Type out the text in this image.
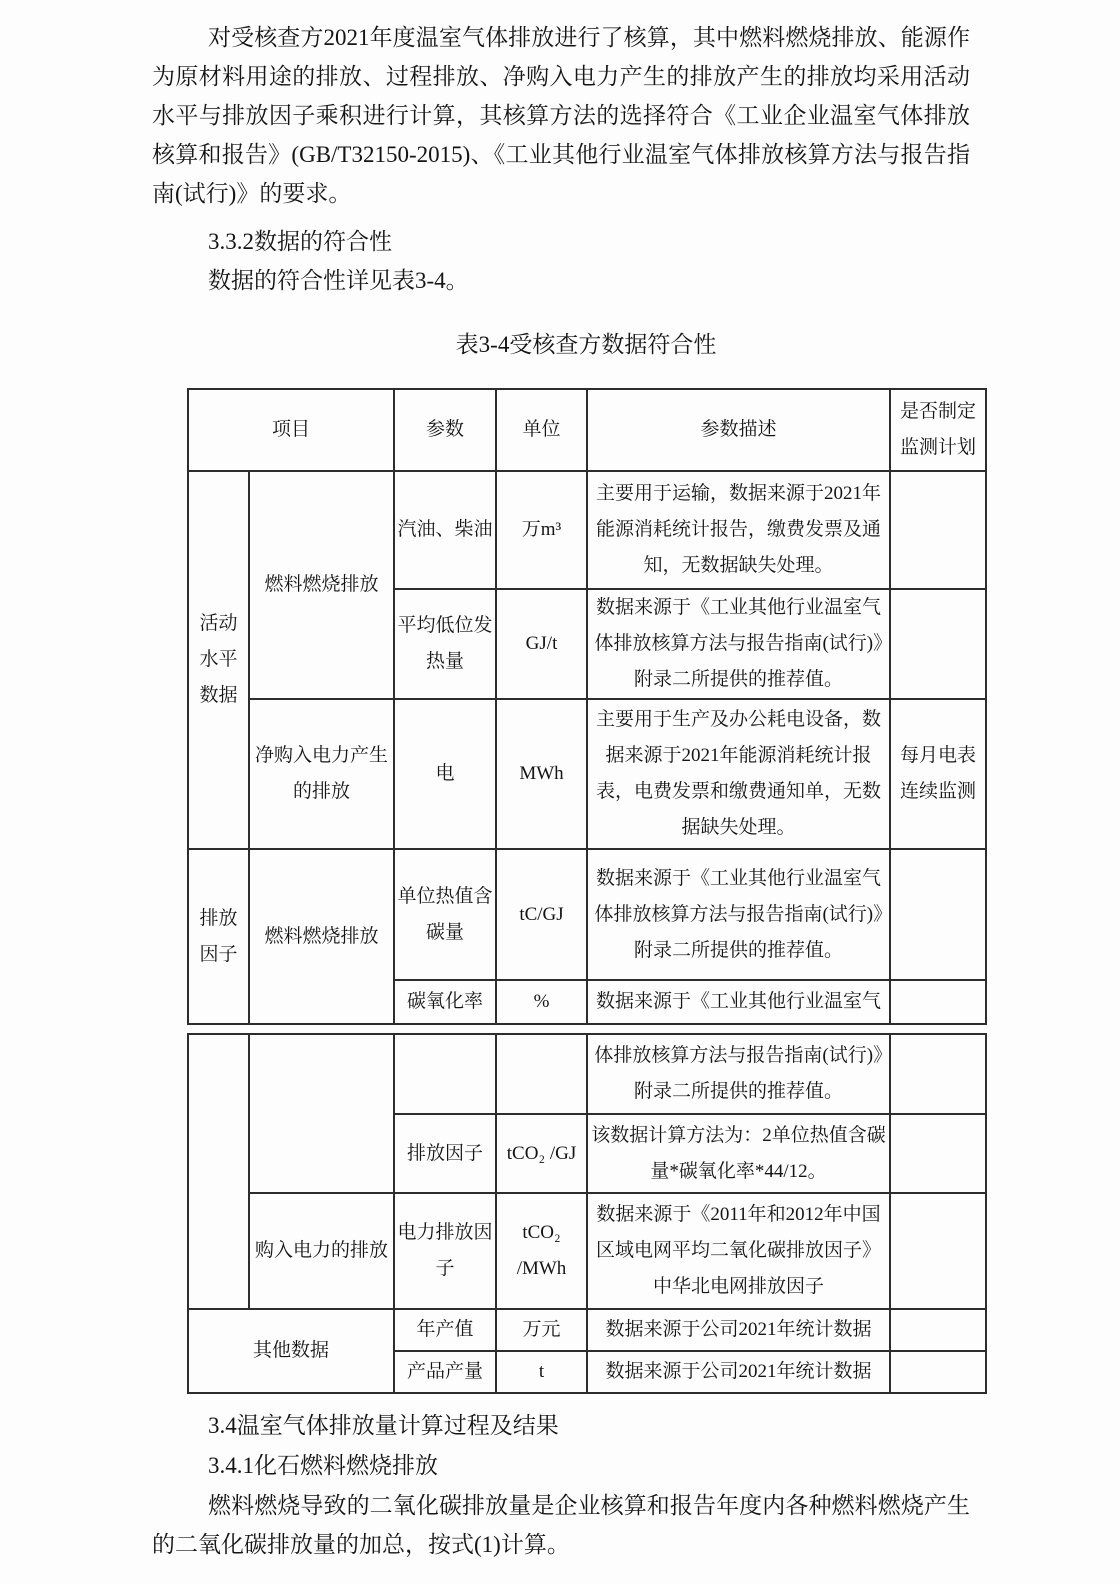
对受核查方2021年度温室气体排放进行了核算，其中燃料燃烧排放、能源作为原材料用途的排放、过程排放、净购入电力产生的排放产生的排放均采用活动水平与排放因子乘积进行计算，其核算方法的选择符合《工业企业温室气体排放核算和报告》(GB/T32150-2015)、《工业其他行业温室气体排放核算方法与报告指南(试行)》的要求。
3.3.2数据的符合性
数据的符合性详见表3-4。
表3-4受核查方数据符合性
项目		参数	单位	参数描述	是否制定监测计划
活动水平数据	燃料燃烧排放	汽油、柴油	万m³	主要用于运输，数据来源于2021年能源消耗统计报告，缴费发票及通知，无数据缺失处理。	
		平均低位发热量	GJ/t	数据来源于《工业其他行业温室气体排放核算方法与报告指南(试行)》附录二所提供的推荐值。	
	净购入电力产生的排放	电	MWh	主要用于生产及办公耗电设备，数据来源于2021年能源消耗统计报表，电费发票和缴费通知单，无数据缺失处理。	每月电表连续监测
排放因子	燃料燃烧排放	单位热值含碳量	tC/GJ	数据来源于《工业其他行业温室气体排放核算方法与报告指南(试行)》附录二所提供的推荐值。	
		碳氧化率	%	数据来源于《工业其他行业温室气	
				体排放核算方法与报告指南(试行)》附录二所提供的推荐值。	
		排放因子	tCO₂ /GJ	该数据计算方法为：2单位热值含碳量*碳氧化率*44/12。	
	购入电力的排放	电力排放因子	tCO₂ /MWh	数据来源于《2011年和2012年中国区域电网平均二氧化碳排放因子》中华北电网排放因子	
其他数据		年产值	万元	数据来源于公司2021年统计数据	
		产品产量	t	数据来源于公司2021年统计数据	
3.4温室气体排放量计算过程及结果
3.4.1化石燃料燃烧排放
燃料燃烧导致的二氧化碳排放量是企业核算和报告年度内各种燃料燃烧产生的二氧化碳排放量的加总，按式(1)计算。
